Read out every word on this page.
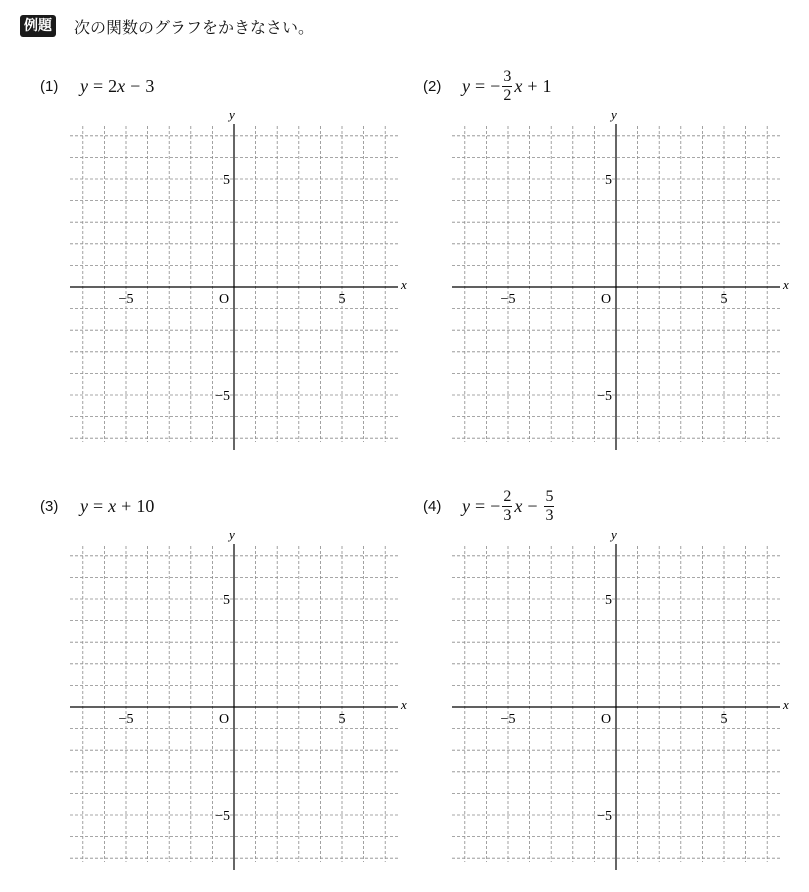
例題 次の関数のグラフをかきなさい。
(1) y = 2 x − 3
x
y
O
−5	5
5
−5
(2) y = − $\frac{3}{2}$ x + 1
x
y
O
−5	5
5
−5
(3) y = x + 10
x
y
O
−5	5
5
−5
(4) y = − $\frac{2}{3}$ $x - \frac{5}{3}$
x
y
O
−5	5
5
−5
